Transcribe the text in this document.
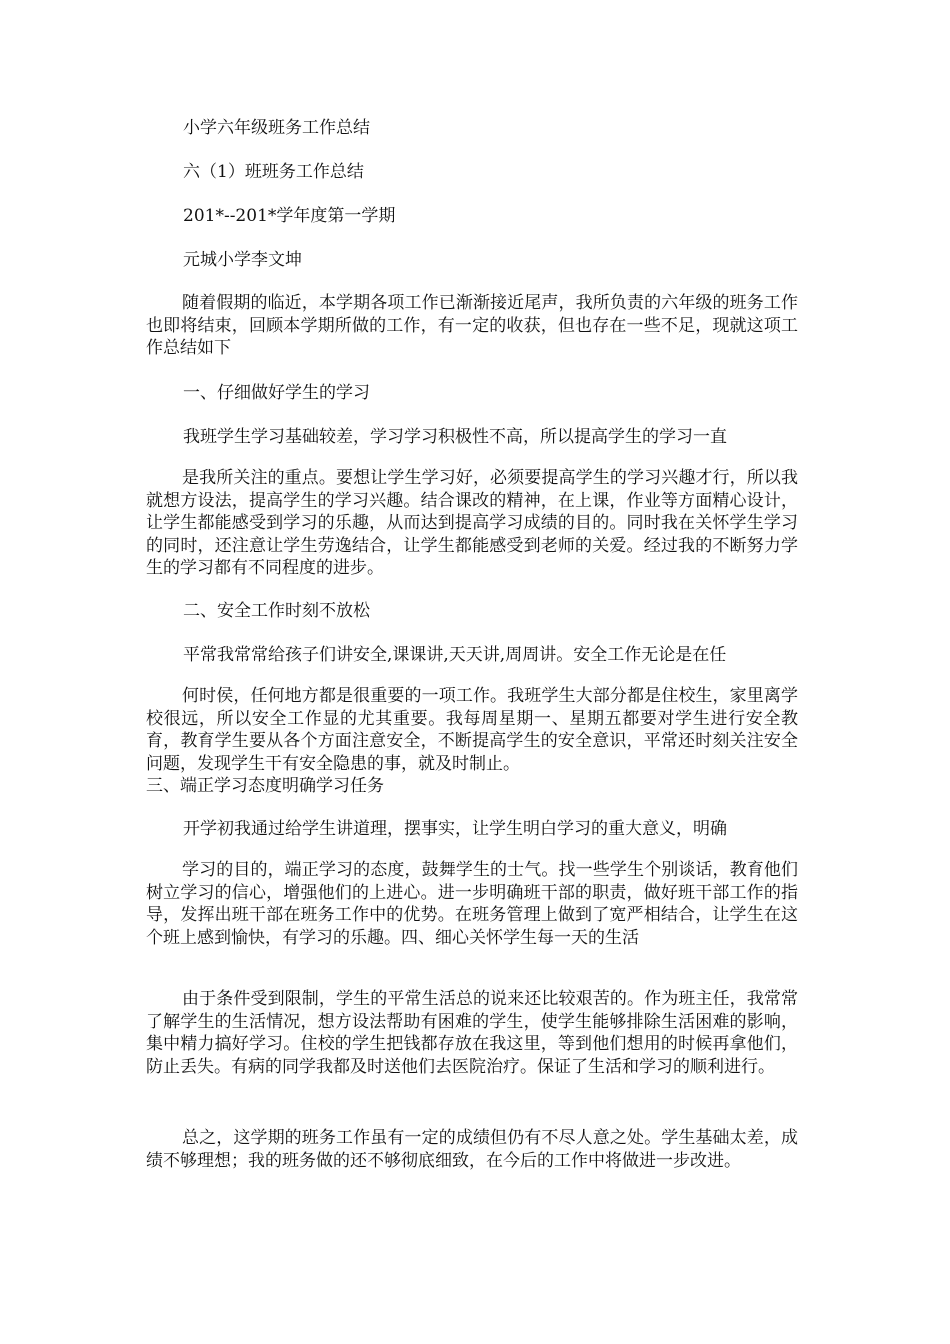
小学六年级班务工作总结

六（1）班班务工作总结

201*--201*学年度第一学期

元城小学李文坤

随着假期的临近，本学期各项工作已渐渐接近尾声，我所负责的六年级的班务工作也即将结束，回顾本学期所做的工作，有一定的收获，但也存在一些不足，现就这项工作总结如下

一、仔细做好学生的学习

我班学生学习基础较差，学习学习积极性不高，所以提高学生的学习一直

是我所关注的重点。要想让学生学习好，必须要提高学生的学习兴趣才行，所以我就想方设法，提高学生的学习兴趣。结合课改的精神，在上课，作业等方面精心设计，让学生都能感受到学习的乐趣，从而达到提高学习成绩的目的。同时我在关怀学生学习的同时，还注意让学生劳逸结合，让学生都能感受到老师的关爱。经过我的不断努力学生的学习都有不同程度的进步。

二、安全工作时刻不放松

平常我常常给孩子们讲安全,课课讲,天天讲,周周讲。安全工作无论是在任

何时侯，任何地方都是很重要的一项工作。我班学生大部分都是住校生，家里离学校很远，所以安全工作显的尤其重要。我每周星期一、星期五都要对学生进行安全教育，教育学生要从各个方面注意安全，不断提高学生的安全意识，平常还时刻关注安全问题，发现学生干有安全隐患的事，就及时制止。

三、端正学习态度明确学习任务

开学初我通过给学生讲道理，摆事实，让学生明白学习的重大意义，明确

学习的目的，端正学习的态度，鼓舞学生的士气。找一些学生个别谈话，教育他们树立学习的信心，增强他们的上进心。进一步明确班干部的职责，做好班干部工作的指导，发挥出班干部在班务工作中的优势。在班务管理上做到了宽严相结合，让学生在这个班上感到愉快，有学习的乐趣。四、细心关怀学生每一天的生活

由于条件受到限制，学生的平常生活总的说来还比较艰苦的。作为班主任，我常常了解学生的生活情况，想方设法帮助有困难的学生，使学生能够排除生活困难的影响，集中精力搞好学习。住校的学生把钱都存放在我这里，等到他们想用的时候再拿他们，防止丢失。有病的同学我都及时送他们去医院治疗。保证了生活和学习的顺利进行。

总之，这学期的班务工作虽有一定的成绩但仍有不尽人意之处。学生基础太差，成绩不够理想；我的班务做的还不够彻底细致，在今后的工作中将做进一步改进。
